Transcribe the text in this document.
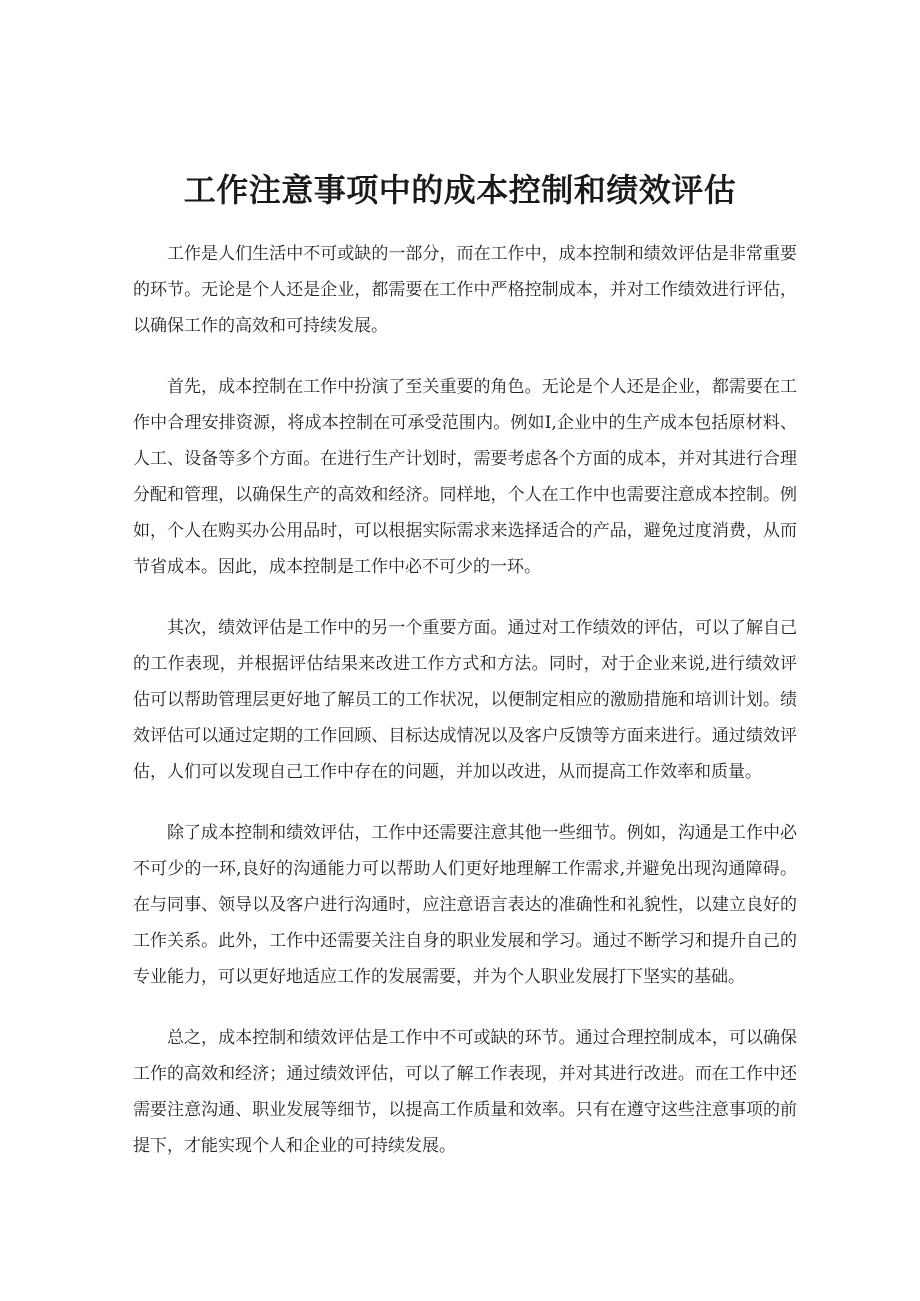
工作注意事项中的成本控制和绩效评估

工作是人们生活中不可或缺的一部分，而在工作中，成本控制和绩效评估是非常重要的环节。无论是个人还是企业，都需要在工作中严格控制成本，并对工作绩效进行评估，以确保工作的高效和可持续发展。

首先，成本控制在工作中扮演了至关重要的角色。无论是个人还是企业，都需要在工作中合理安排资源，将成本控制在可承受范围内。例如I,企业中的生产成本包括原材料、人工、设备等多个方面。在进行生产计划时，需要考虑各个方面的成本，并对其进行合理分配和管理，以确保生产的高效和经济。同样地，个人在工作中也需要注意成本控制。例如，个人在购买办公用品时，可以根据实际需求来选择适合的产品，避免过度消费，从而节省成本。因此，成本控制是工作中必不可少的一环。

其次，绩效评估是工作中的另一个重要方面。通过对工作绩效的评估，可以了解自己的工作表现，并根据评估结果来改进工作方式和方法。同时，对于企业来说,进行绩效评估可以帮助管理层更好地了解员工的工作状况，以便制定相应的激励措施和培训计划。绩效评估可以通过定期的工作回顾、目标达成情况以及客户反馈等方面来进行。通过绩效评估，人们可以发现自己工作中存在的问题，并加以改进，从而提高工作效率和质量。

除了成本控制和绩效评估，工作中还需要注意其他一些细节。例如，沟通是工作中必不可少的一环,良好的沟通能力可以帮助人们更好地理解工作需求,并避免出现沟通障碍。在与同事、领导以及客户进行沟通时，应注意语言表达的准确性和礼貌性，以建立良好的工作关系。此外，工作中还需要关注自身的职业发展和学习。通过不断学习和提升自己的专业能力，可以更好地适应工作的发展需要，并为个人职业发展打下坚实的基础。

总之，成本控制和绩效评估是工作中不可或缺的环节。通过合理控制成本，可以确保工作的高效和经济；通过绩效评估，可以了解工作表现，并对其进行改进。而在工作中还需要注意沟通、职业发展等细节，以提高工作质量和效率。只有在遵守这些注意事项的前提下，才能实现个人和企业的可持续发展。
